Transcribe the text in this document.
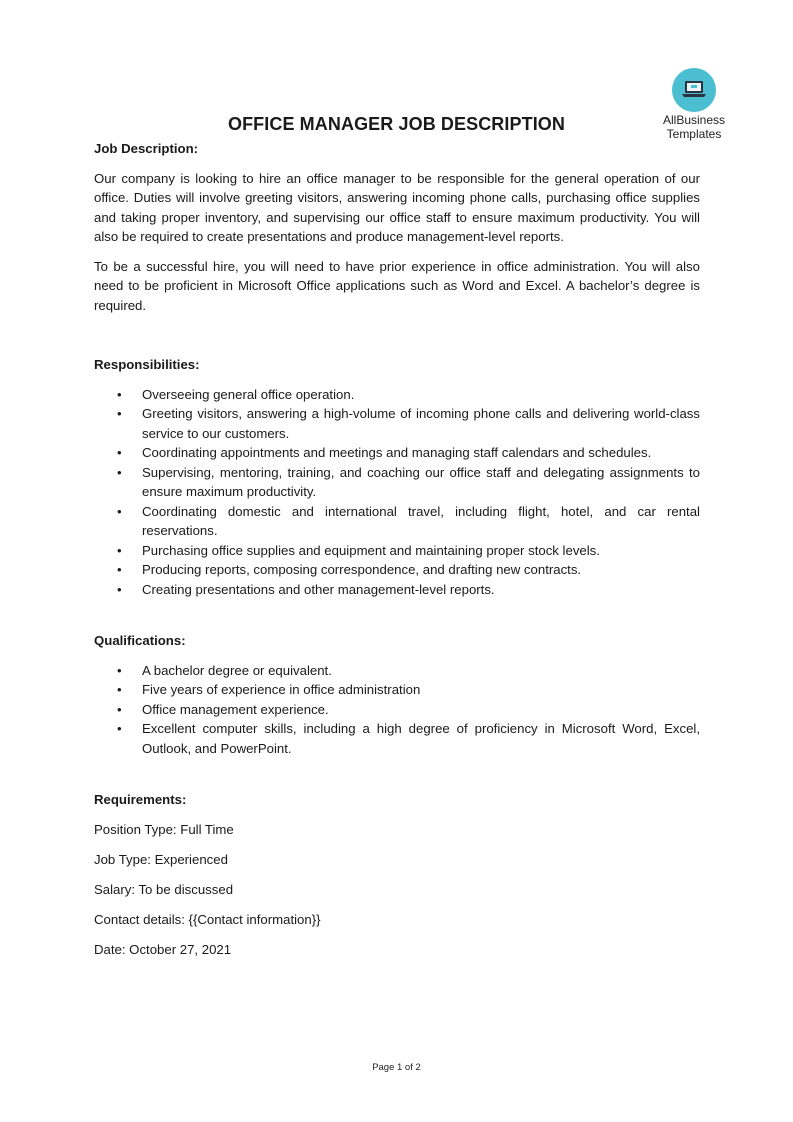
AllBusiness
Templates
OFFICE MANAGER JOB DESCRIPTION

Job Description:

Our company is looking to hire an office manager to be responsible for the general operation of our office. Duties will involve greeting visitors, answering incoming phone calls, purchasing office supplies and taking proper inventory, and supervising our office staff to ensure maximum productivity. You will also be required to create presentations and produce management-level reports.

To be a successful hire, you will need to have prior experience in office administration. You will also need to be proficient in Microsoft Office applications such as Word and Excel. A bachelor’s degree is required.

Responsibilities:

• Overseeing general office operation.
• Greeting visitors, answering a high-volume of incoming phone calls and delivering world-class service to our customers.
• Coordinating appointments and meetings and managing staff calendars and schedules.
• Supervising, mentoring, training, and coaching our office staff and delegating assignments to ensure maximum productivity.
• Coordinating domestic and international travel, including flight, hotel, and car rental reservations.
• Purchasing office supplies and equipment and maintaining proper stock levels.
• Producing reports, composing correspondence, and drafting new contracts.
• Creating presentations and other management-level reports.

Qualifications:

• A bachelor degree or equivalent.
• Five years of experience in office administration
• Office management experience.
• Excellent computer skills, including a high degree of proficiency in Microsoft Word, Excel, Outlook, and PowerPoint.

Requirements:

Position Type: Full Time

Job Type: Experienced

Salary: To be discussed

Contact details: {{Contact information}}

Date: October 27, 2021

Page 1 of 2
